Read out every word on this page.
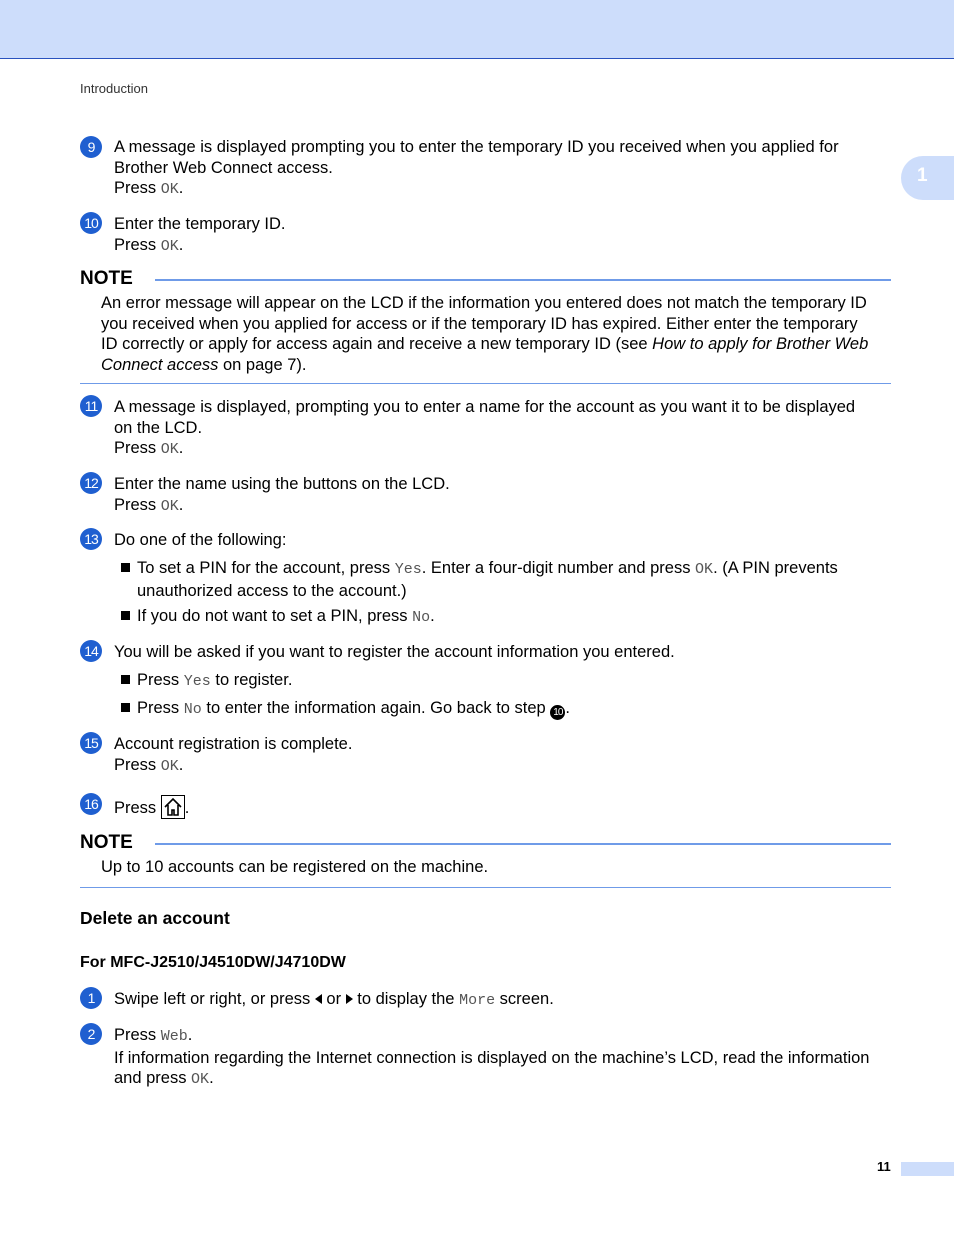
Introduction
1
9	A message is displayed prompting you to enter the temporary ID you received when you applied for
Brother Web Connect access.
Press OK.
10 Enter the temporary ID.
Press OK.
NOTE
An error message will appear on the LCD if the information you entered does not match the temporary ID
you received when you applied for access or if the temporary ID has expired. Either enter the temporary
ID correctly or apply for access again and receive a new temporary ID (see How to apply for Brother Web
Connect access on page 7).
11 A message is displayed, prompting you to enter a name for the account as you want it to be displayed
on the LCD.
Press OK.
12 Enter the name using the buttons on the LCD.
Press OK.
13 Do one of the following:
To set a PIN for the account, press Yes. Enter a four-digit number and press OK. (A PIN prevents
unauthorized access to the account.)
If you do not want to set a PIN, press No.
14 You will be asked if you want to register the account information you entered.
Press Yes to register.
Press No to enter the information again. Go back to step 10 .
15 Account registration is complete.
Press OK.
16 Press .
NOTE
Up to 10 accounts can be registered on the machine.
Delete an account
For MFC-J2510/J4510DW/J4710DW
1	Swipe left or right, or press  or  to display the More screen.
2	Press Web.
If information regarding the Internet connection is displayed on the machine’s LCD, read the information
and press OK.
11
